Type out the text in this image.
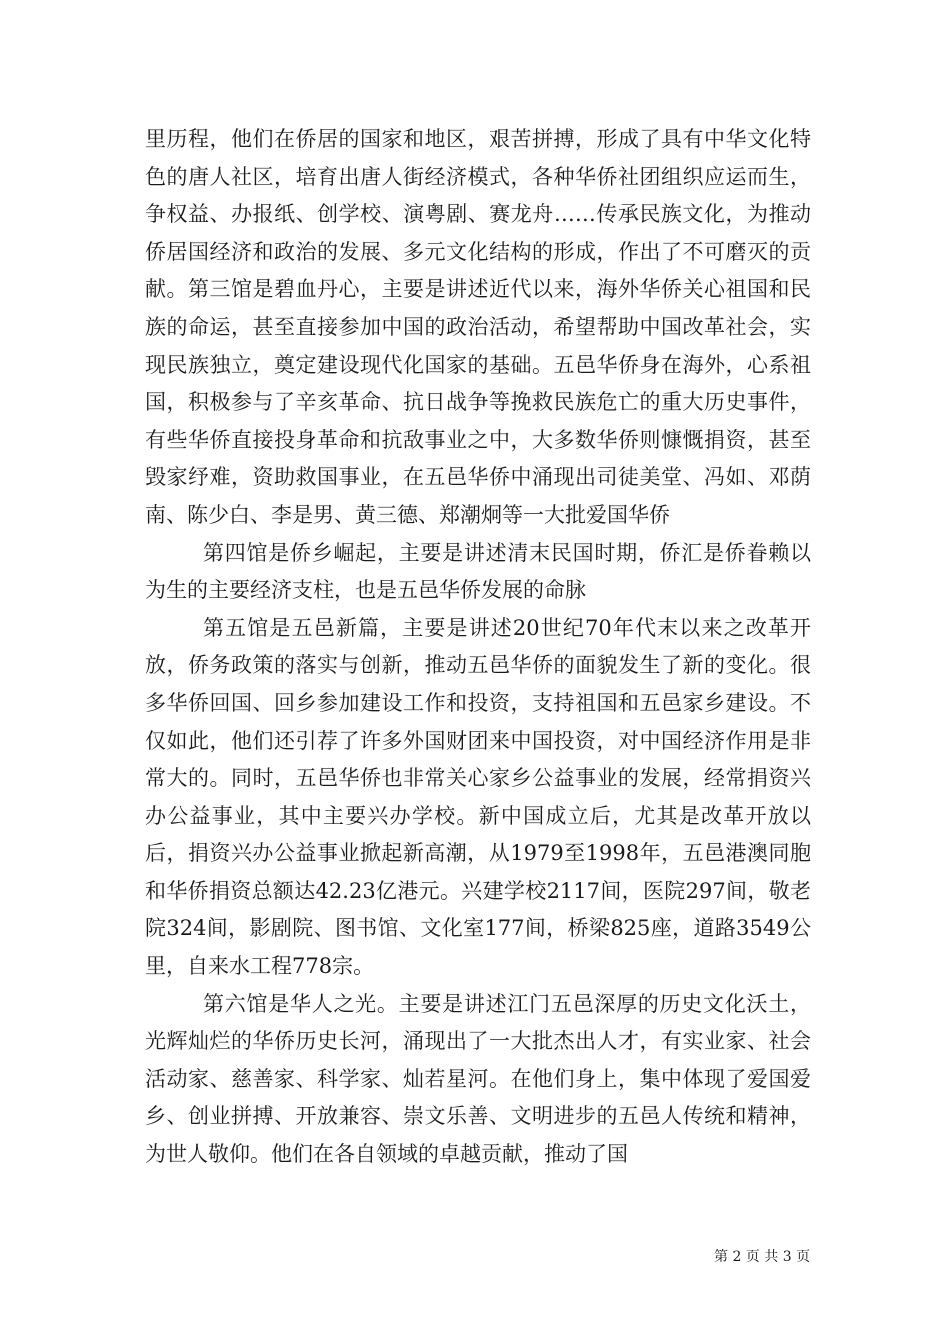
里历程，他们在侨居的国家和地区，艰苦拼搏，形成了具有中华文化特色的唐人社区，培育出唐人街经济模式，各种华侨社团组织应运而生，争权益、办报纸、创学校、演粤剧、赛龙舟……传承民族文化，为推动侨居国经济和政治的发展、多元文化结构的形成，作出了不可磨灭的贡献。第三馆是碧血丹心，主要是讲述近代以来，海外华侨关心祖国和民族的命运，甚至直接参加中国的政治活动，希望帮助中国改革社会，实现民族独立，奠定建设现代化国家的基础。五邑华侨身在海外，心系祖国，积极参与了辛亥革命、抗日战争等挽救民族危亡的重大历史事件，有些华侨直接投身革命和抗敌事业之中，大多数华侨则慷慨捐资，甚至毁家纾难，资助救国事业，在五邑华侨中涌现出司徒美堂、冯如、邓荫南、陈少白、李是男、黄三德、郑潮炯等一大批爱国华侨

第四馆是侨乡崛起，主要是讲述清末民国时期，侨汇是侨眷赖以为生的主要经济支柱，也是五邑华侨发展的命脉

第五馆是五邑新篇，主要是讲述20世纪70年代末以来之改革开放，侨务政策的落实与创新，推动五邑华侨的面貌发生了新的变化。很多华侨回国、回乡参加建设工作和投资，支持祖国和五邑家乡建设。不仅如此，他们还引荐了许多外国财团来中国投资，对中国经济作用是非常大的。同时，五邑华侨也非常关心家乡公益事业的发展，经常捐资兴办公益事业，其中主要兴办学校。新中国成立后，尤其是改革开放以后，捐资兴办公益事业掀起新高潮，从1979至1998年，五邑港澳同胞和华侨捐资总额达42.23亿港元。兴建学校2117间，医院297间，敬老院324间，影剧院、图书馆、文化室177间，桥梁825座，道路3549公里，自来水工程778宗。

第六馆是华人之光。主要是讲述江门五邑深厚的历史文化沃土，光辉灿烂的华侨历史长河，涌现出了一大批杰出人才，有实业家、社会活动家、慈善家、科学家、灿若星河。在他们身上，集中体现了爱国爱乡、创业拼搏、开放兼容、崇文乐善、文明进步的五邑人传统和精神，为世人敬仰。他们在各自领域的卓越贡献，推动了国

第 2 页 共 3 页
